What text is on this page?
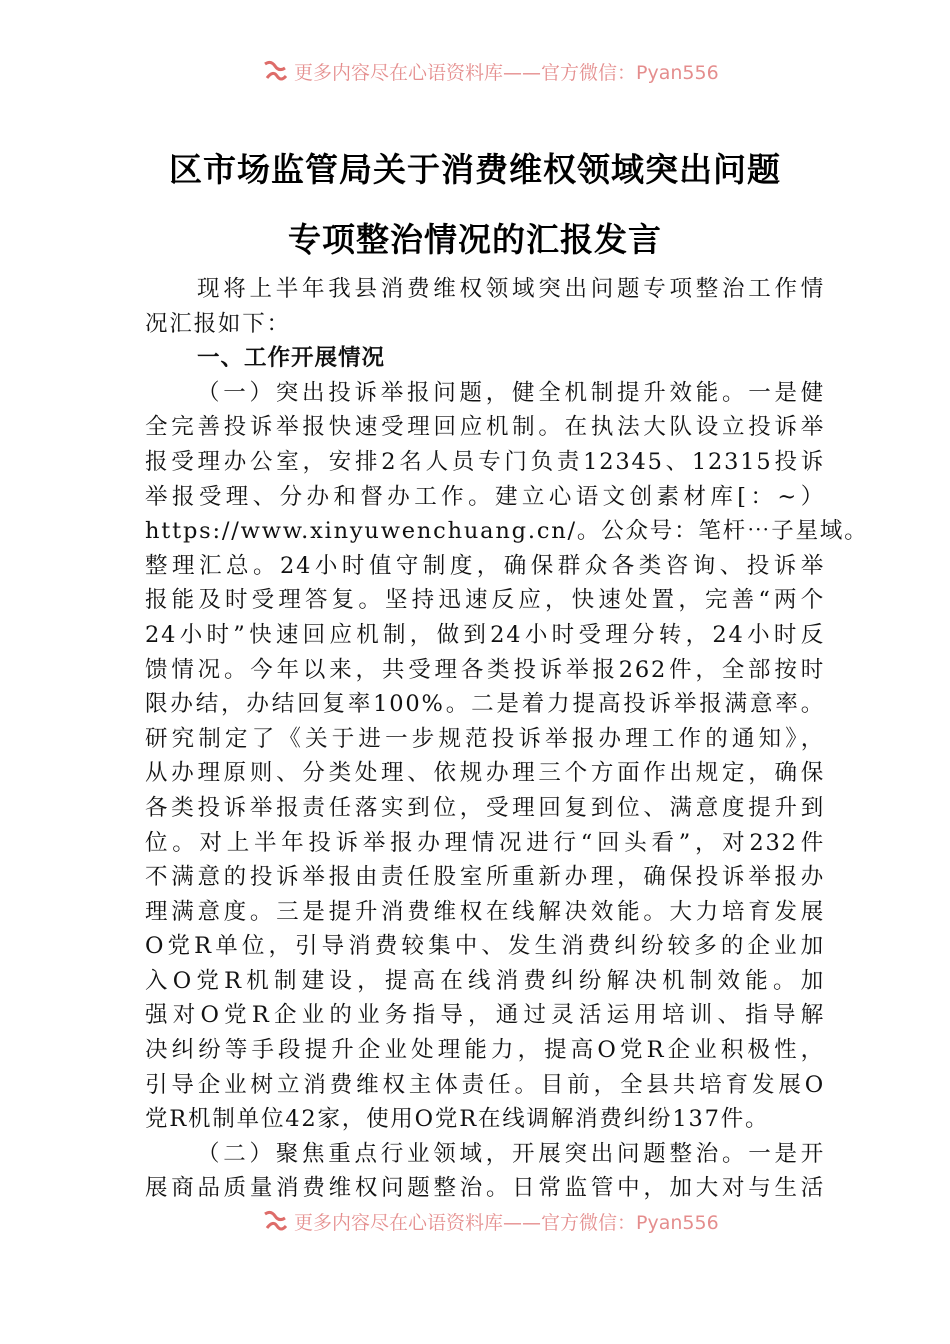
更多内容尽在心语资料库——官方微信：Pyan556
区市场监管局关于消费维权领域突出问题
专项整治情况的汇报发言
现将上半年我县消费维权领域突出问题专项整治工作情
况汇报如下：
一、工作开展情况
（一）突出投诉举报问题，健全机制提升效能。一是健
全完善投诉举报快速受理回应机制。在执法大队设立投诉举
报受理办公室，安排2名人员专门负责12345、12315投诉
举报受理、分办和督办工作。建立心语文创素材库[：~）
https://www.xinyuwenchuang.cn/。公众号：笔杆⋯子星域。
整理汇总。24小时值守制度，确保群众各类咨询、投诉举
报能及时受理答复。坚持迅速反应，快速处置，完善“两个
24小时”快速回应机制，做到24小时受理分转，24小时反
馈情况。今年以来，共受理各类投诉举报262件，全部按时
限办结，办结回复率100%。二是着力提高投诉举报满意率。
研究制定了《关于进一步规范投诉举报办理工作的通知》，
从办理原则、分类处理、依规办理三个方面作出规定，确保
各类投诉举报责任落实到位，受理回复到位、满意度提升到
位。对上半年投诉举报办理情况进行“回头看”，对232件
不满意的投诉举报由责任股室所重新办理，确保投诉举报办
理满意度。三是提升消费维权在线解决效能。大力培育发展
O党R单位，引导消费较集中、发生消费纠纷较多的企业加
入O党R机制建设，提高在线消费纠纷解决机制效能。加
强对O党R企业的业务指导，通过灵活运用培训、指导解
决纠纷等手段提升企业处理能力，提高O党R企业积极性，
引导企业树立消费维权主体责任。目前，全县共培育发展O
党R机制单位42家，使用O党R在线调解消费纠纷137件。
（二）聚焦重点行业领域，开展突出问题整治。一是开
展商品质量消费维权问题整治。日常监管中，加大对与生活
更多内容尽在心语资料库——官方微信：Pyan556
